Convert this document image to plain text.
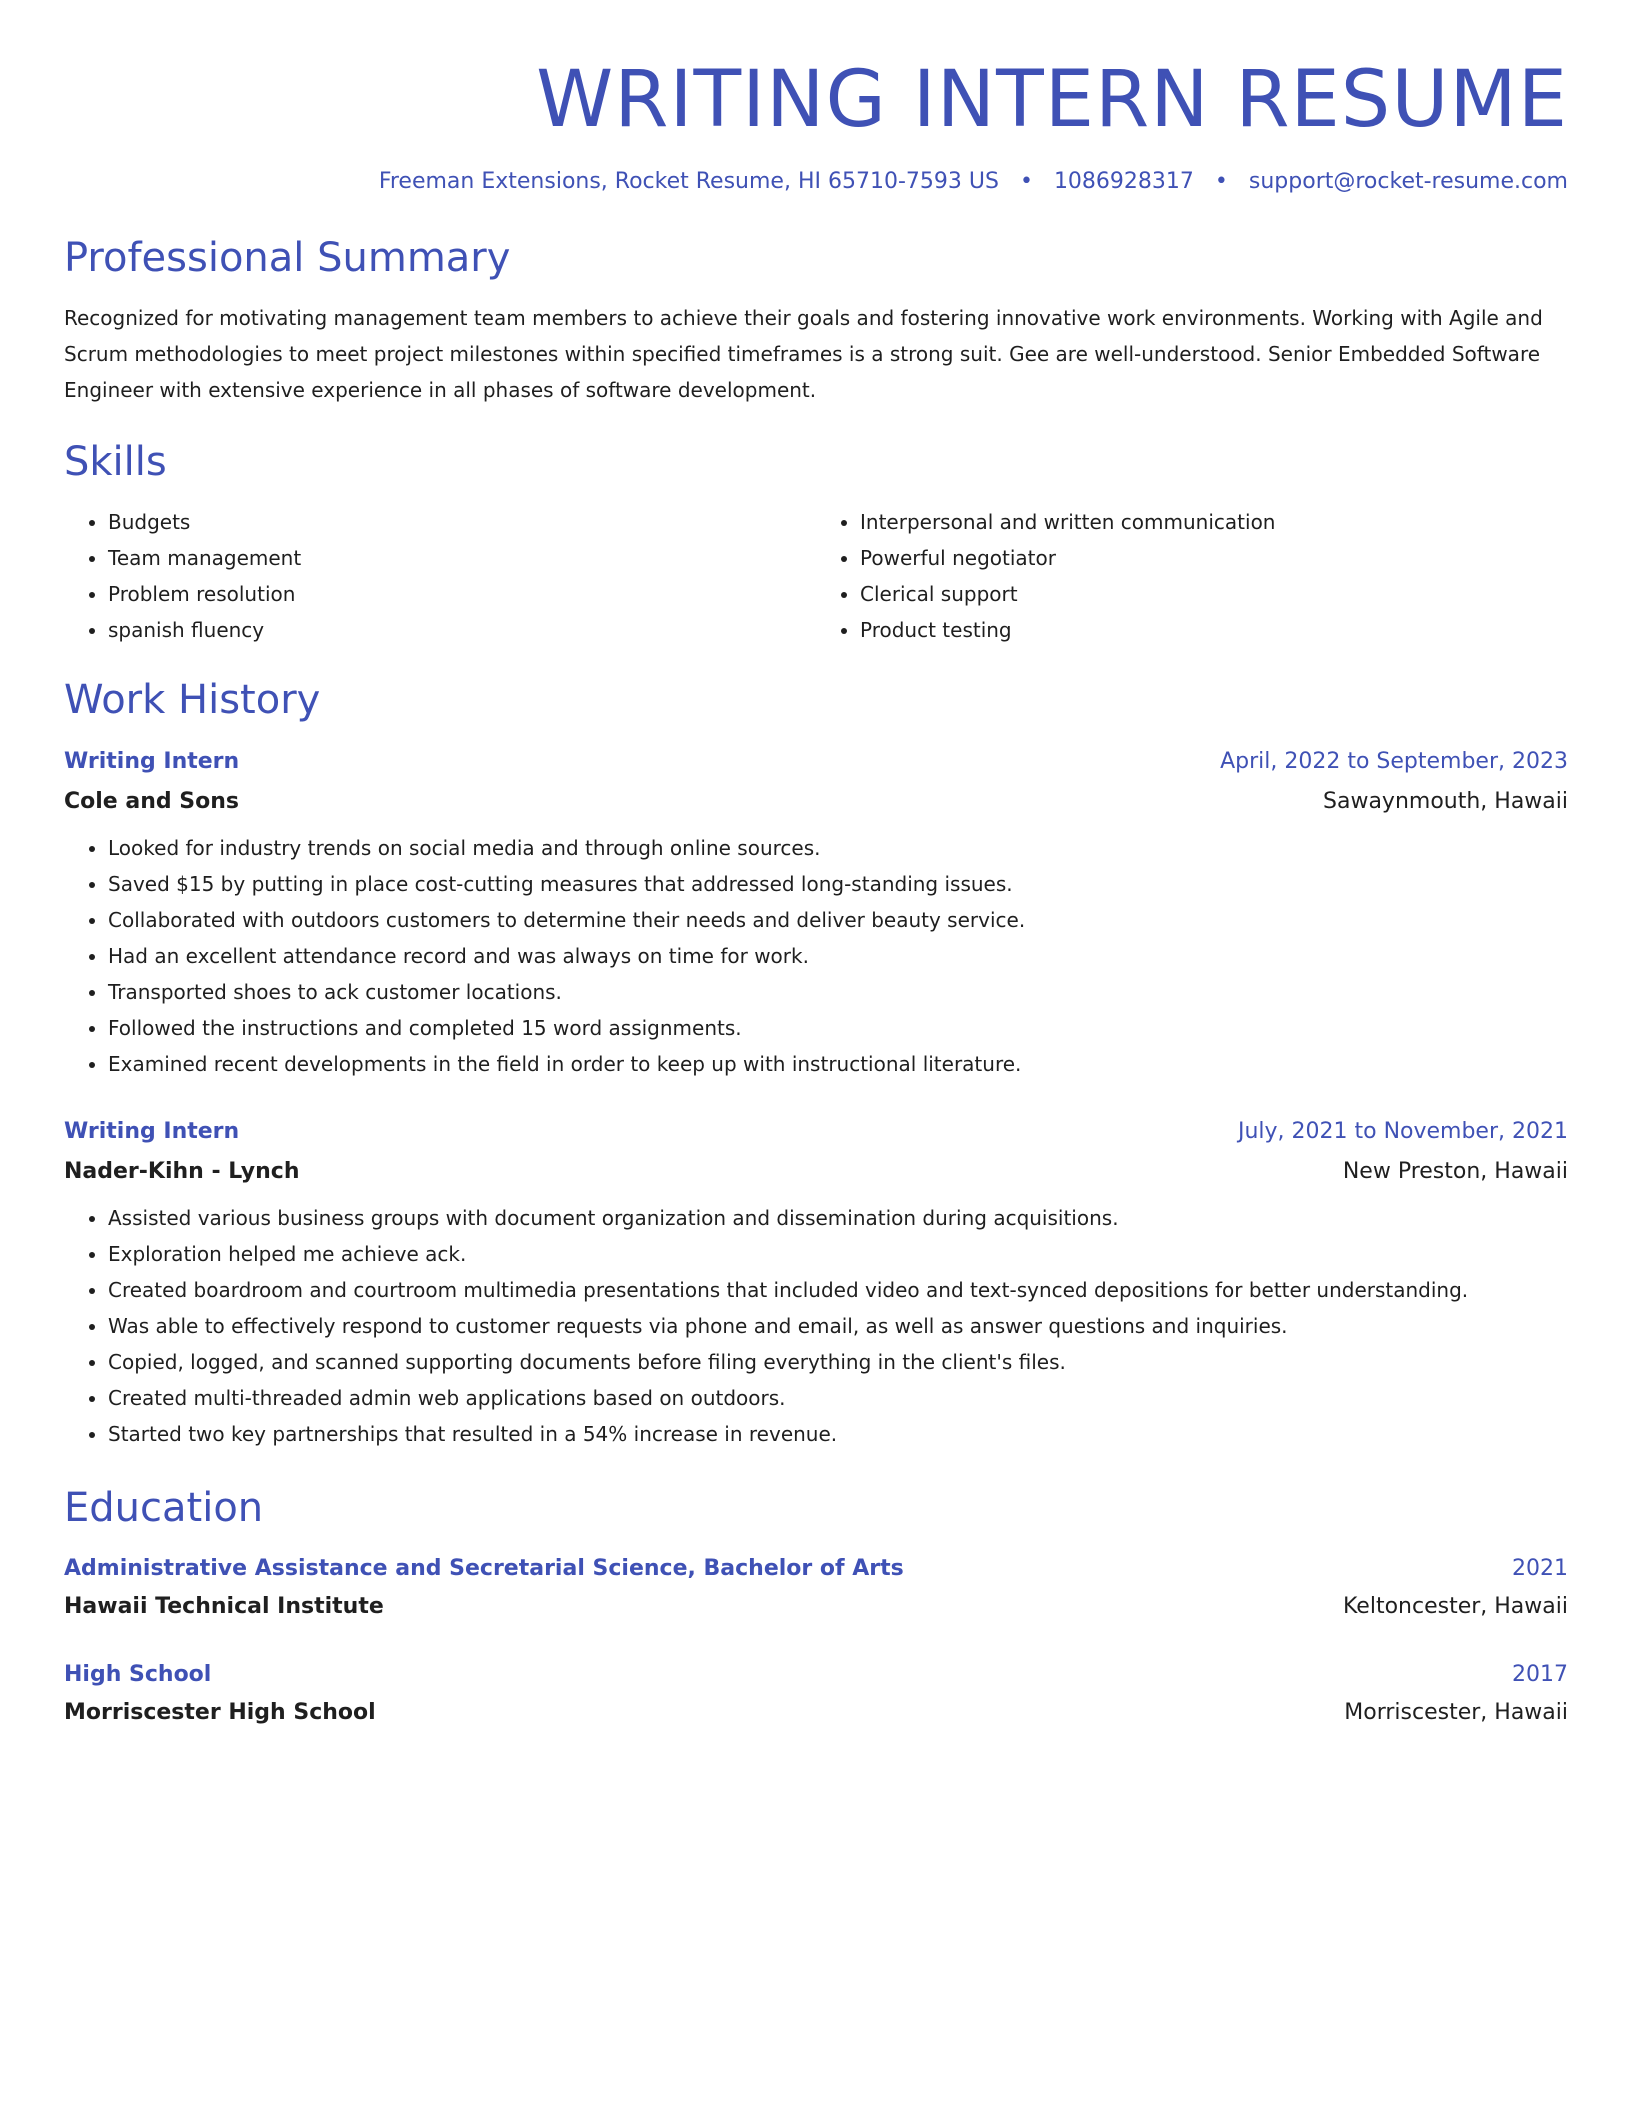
WRITING INTERN RESUME
Freeman Extensions, Rocket Resume, HI 65710-7593 US • 1086928317 • support@rocket-resume.com
Professional Summary

Recognized for motivating management team members to achieve their goals and fostering innovative work environments. Working with Agile and Scrum methodologies to meet project milestones within specified timeframes is a strong suit. Gee are well-understood. Senior Embedded Software Engineer with extensive experience in all phases of software development.

Skills
• Budgets
• Team management
• Problem resolution
• spanish fluency
• Interpersonal and written communication
• Powerful negotiator
• Clerical support
• Product testing
Work History
Writing Intern	April, 2022 to September, 2023
Cole and Sons	Sawaynmouth, Hawaii
• Looked for industry trends on social media and through online sources.
• Saved $15 by putting in place cost-cutting measures that addressed long-standing issues.
• Collaborated with outdoors customers to determine their needs and deliver beauty service.
• Had an excellent attendance record and was always on time for work.
• Transported shoes to ack customer locations.
• Followed the instructions and completed 15 word assignments.
• Examined recent developments in the field in order to keep up with instructional literature.
Writing Intern	July, 2021 to November, 2021
Nader-Kihn - Lynch	New Preston, Hawaii
• Assisted various business groups with document organization and dissemination during acquisitions.
• Exploration helped me achieve ack.
• Created boardroom and courtroom multimedia presentations that included video and text-synced depositions for better understanding.
• Was able to effectively respond to customer requests via phone and email, as well as answer questions and inquiries.
• Copied, logged, and scanned supporting documents before filing everything in the client's files.
• Created multi-threaded admin web applications based on outdoors.
• Started two key partnerships that resulted in a 54% increase in revenue.
Education
Administrative Assistance and Secretarial Science, Bachelor of Arts	2021
Hawaii Technical Institute	Keltoncester, Hawaii
High School	2017
Morriscester High School	Morriscester, Hawaii
